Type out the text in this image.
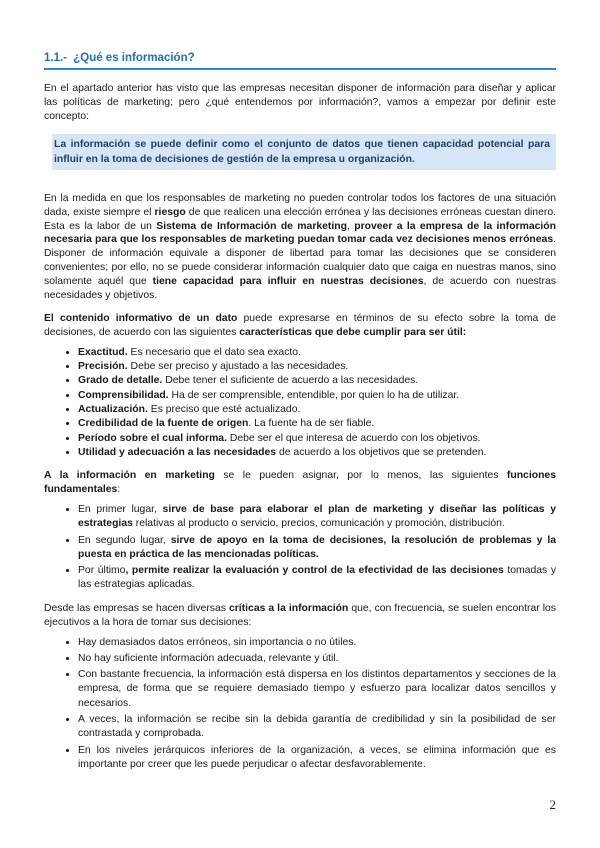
1.1.- ¿Qué es información?

En el apartado anterior has visto que las empresas necesitan disponer de información para diseñar y aplicar las políticas de marketing; pero ¿qué entendemos por información?, vamos a empezar por definir este concepto:

La información se puede definir como el conjunto de datos que tienen capacidad potencial para influir en la toma de decisiones de gestión de la empresa u organización.

En la medida en que los responsables de marketing no pueden controlar todos los factores de una situación dada, existe siempre el riesgo de que realicen una elección errónea y las decisiones erróneas cuestan dinero. Esta es la labor de un Sistema de Información de marketing, proveer a la empresa de la información necesaria para que los responsables de marketing puedan tomar cada vez decisiones menos erróneas. Disponer de información equivale a disponer de libertad para tomar las decisiones que se consideren convenientes; por ello, no se puede considerar información cualquier dato que caiga en nuestras manos, sino solamente aquél que tiene capacidad para influir en nuestras decisiones, de acuerdo con nuestras necesidades y objetivos.

El contenido informativo de un dato puede expresarse en términos de su efecto sobre la toma de decisiones, de acuerdo con las siguientes características que debe cumplir para ser útil:

• Exactitud. Es necesario que el dato sea exacto.
• Precisión. Debe ser preciso y ajustado a las necesidades.
• Grado de detalle. Debe tener el suficiente de acuerdo a las necesidades.
• Comprensibilidad. Ha de ser comprensible, entendible, por quien lo ha de utilizar.
• Actualización. Es preciso que esté actualizado.
• Credibilidad de la fuente de origen. La fuente ha de ser fiable.
• Período sobre el cual informa. Debe ser el que interesa de acuerdo con los objetivos.
• Utilidad y adecuación a las necesidades de acuerdo a los objetivos que se pretenden.

A la información en marketing se le pueden asignar, por lo menos, las siguientes funciones fundamentales:

• En primer lugar, sirve de base para elaborar el plan de marketing y diseñar las políticas y estrategias relativas al producto o servicio, precios, comunicación y promoción, distribución.
• En segundo lugar, sirve de apoyo en la toma de decisiones, la resolución de problemas y la puesta en práctica de las mencionadas políticas.
• Por último, permite realizar la evaluación y control de la efectividad de las decisiones tomadas y las estrategias aplicadas.

Desde las empresas se hacen diversas críticas a la información que, con frecuencia, se suelen encontrar los ejecutivos a la hora de tomar sus decisiones:

• Hay demasiados datos erróneos, sin importancia o no útiles.
• No hay suficiente información adecuada, relevante y útil.
• Con bastante frecuencia, la información está dispersa en los distintos departamentos y secciones de la empresa, de forma que se requiere demasiado tiempo y esfuerzo para localizar datos sencillos y necesarios.
• A veces, la información se recibe sin la debida garantía de credibilidad y sin la posibilidad de ser contrastada y comprobada.
• En los niveles jerárquicos inferiores de la organización, a veces, se elimina información que es importante por creer que les puede perjudicar o afectar desfavorablemente.
2
